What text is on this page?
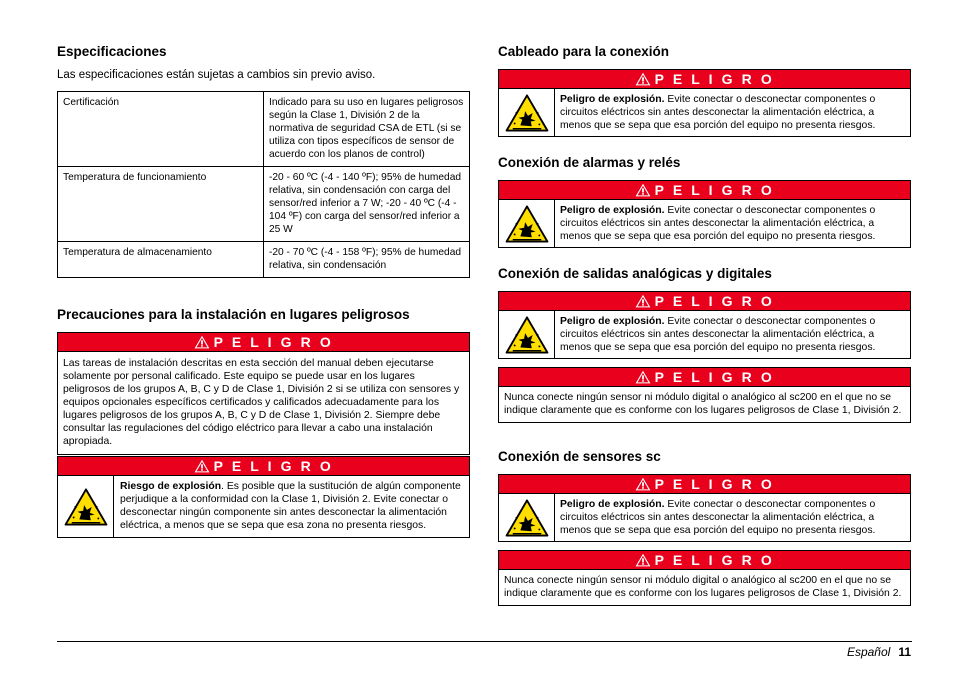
Especificaciones

Las especificaciones están sujetas a cambios sin previo aviso.

Certificación	Indicado para su uso en lugares peligrosos según la Clase 1, División 2 de la normativa de seguridad CSA de ETL (si se utiliza con tipos específicos de sensor de acuerdo con los planos de control)
Temperatura de funcionamiento	-20 - 60 ºC (-4 - 140 ºF); 95% de humedad relativa, sin condensación con carga del sensor/red inferior a 7 W; -20 - 40 ºC (-4 - 104 ºF) con carga del sensor/red inferior a 25 W
Temperatura de almacenamiento	-20 - 70 ºC (-4 - 158 ºF); 95% de humedad relativa, sin condensación
Precauciones para la instalación en lugares peligrosos
P E L I G R O
Las tareas de instalación descritas en esta sección del manual deben ejecutarse solamente por personal calificado. Este equipo se puede usar en los lugares peligrosos de los grupos A, B, C y D de Clase 1, División 2 si se utiliza con sensores y equipos opcionales específicos certificados y calificados adecuadamente para los lugares peligrosos de los grupos A, B, C y D de Clase 1, División 2. Siempre debe consultar las regulaciones del código eléctrico para llevar a cabo una instalación apropiada.
P E L I G R O
Riesgo de explosión. Es posible que la sustitución de algún componente perjudique a la conformidad con la Clase 1, División 2. Evite conectar o desconectar ningún componente sin antes desconectar la alimentación eléctrica, a menos que se sepa que esa zona no presenta riesgos.
Cableado para la conexión
P E L I G R O
Peligro de explosión. Evite conectar o desconectar componentes o circuitos eléctricos sin antes desconectar la alimentación eléctrica, a menos que se sepa que esa porción del equipo no presenta riesgos.
Conexión de alarmas y relés
P E L I G R O
Peligro de explosión. Evite conectar o desconectar componentes o circuitos eléctricos sin antes desconectar la alimentación eléctrica, a menos que se sepa que esa porción del equipo no presenta riesgos.
Conexión de salidas analógicas y digitales
P E L I G R O
Peligro de explosión. Evite conectar o desconectar componentes o circuitos eléctricos sin antes desconectar la alimentación eléctrica, a menos que se sepa que esa porción del equipo no presenta riesgos.
P E L I G R O
Nunca conecte ningún sensor ni módulo digital o analógico al sc200 en el que no se indique claramente que es conforme con los lugares peligrosos de Clase 1, División 2.
Conexión de sensores sc
P E L I G R O
Peligro de explosión. Evite conectar o desconectar componentes o circuitos eléctricos sin antes desconectar la alimentación eléctrica, a menos que se sepa que esa porción del equipo no presenta riesgos.
P E L I G R O
Nunca conecte ningún sensor ni módulo digital o analógico al sc200 en el que no se indique claramente que es conforme con los lugares peligrosos de Clase 1, División 2.
Español 11
